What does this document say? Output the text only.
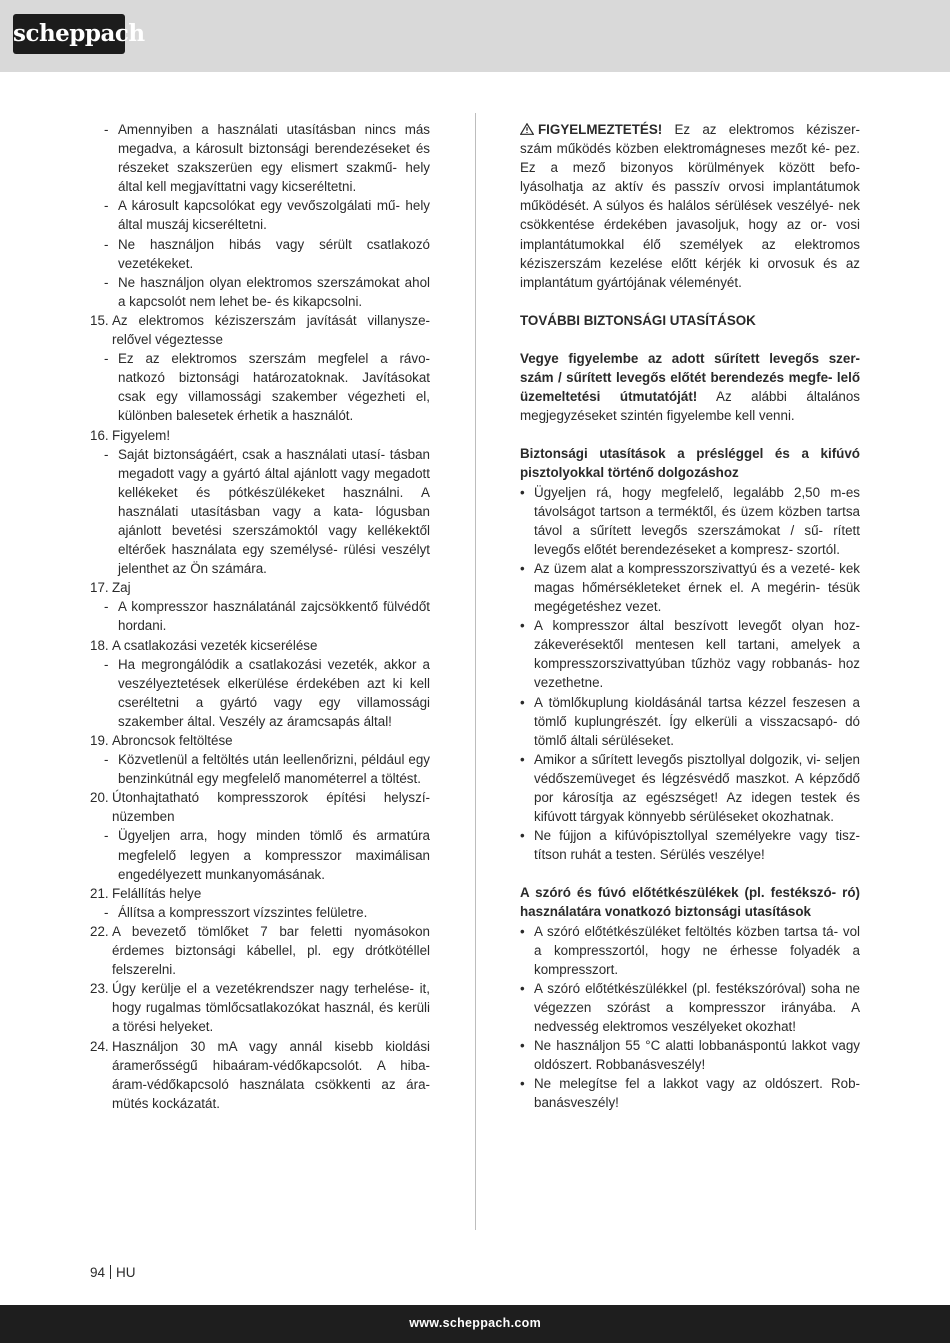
scheppach
- Amennyiben a használati utasításban nincs más megadva, a károsult biztonsági berendezéseket és részeket szakszerüen egy elismert szakmű- hely által kell megjavíttatni vagy kicseréltetni.
- A károsult kapcsolókat egy vevőszolgálati mű- hely által muszáj kicseréltetni.
- Ne használjon hibás vagy sérült csatlakozó vezetékeket.
- Ne használjon olyan elektromos szerszámokat ahol a kapcsolót nem lehet be- és kikapcsolni.
15. Az elektromos kéziszerszám javítását villanysze- relővel végeztesse
- Ez az elektromos szerszám megfelel a rávo- natkozó biztonsági határozatoknak. Javításokat csak egy villamossági szakember végezheti el, különben balesetek érhetik a használót.
16. Figyelem!
- Saját biztonságáért, csak a használati utasí- tásban megadott vagy a gyártó által ajánlott vagy megadott kellékeket és pótkészülékeket használni. A használati utasításban vagy a kata- lógusban ajánlott bevetési szerszámoktól vagy kellékektől eltérőek használata egy személysé- rülési veszélyt jelenthet az Ön számára.
17. Zaj
- A kompresszor használatánál zajcsökkentő fülvédőt hordani.
18. A csatlakozási vezeték kicserélése
- Ha megrongálódik a csatlakozási vezeték, akkor a veszélyeztetések elkerülése érdekében azt ki kell cseréltetni a gyártó vagy egy villamossági szakember által. Veszély az áramcsapás által!
19. Abroncsok feltöltése
- Közvetlenül a feltöltés után leellenőrizni, például egy benzinkútnál egy megfelelő manométerrel a töltést.
20. Útonhajtatható kompresszorok építési helyszí- nüzemben
- Ügyeljen arra, hogy minden tömlő és armatúra megfelelő legyen a kompresszor maximálisan engedélyezett munkanyomásának.
21. Felállítás helye
- Állítsa a kompresszort vízszintes felületre.
22. A bevezető tömlőket 7 bar feletti nyomásokon érdemes biztonsági kábellel, pl. egy drótkötéllel felszerelni.
23. Úgy kerülje el a vezetékrendszer nagy terhelése- it, hogy rugalmas tömlőcsatlakozókat használ, és kerüli a törési helyeket.
24. Használjon 30 mA vagy annál kisebb kioldási áramerősségű hibaáram-védőkapcsolót. A hiba- áram-védőkapcsoló használata csökkenti az ára- mütés kockázatát.
FIGYELMEZTETÉS! Ez az elektromos kéziszer- szám működés közben elektromágneses mezőt ké- pez. Ez a mező bizonyos körülmények között befo- lyásolhatja az aktív és passzív orvosi implantátumok működését. A súlyos és halálos sérülések veszélyé- nek csökkentése érdekében javasoljuk, hogy az or- vosi implantátumokkal élő személyek az elektromos kéziszerszám kezelése előtt kérjék ki orvosuk és az implantátum gyártójának véleményét.
TOVÁBBI BIZTONSÁGI UTASÍTÁSOK
Vegye figyelembe az adott sűrített levegős szer- szám / sűrített levegős előtét berendezés megfe- lelő üzemeltetési útmutatóját! Az alábbi általános megjegyzéseket szintén figyelembe kell venni.
Biztonsági utasítások a présléggel és a kifúvó pisztolyokkal történő dolgozáshoz
• Ügyeljen rá, hogy megfelelő, legalább 2,50 m-es távolságot tartson a terméktől, és üzem közben tartsa távol a sűrített levegős szerszámokat / sű- rített levegős előtét berendezéseket a kompresz- szortól.
• Az üzem alat a kompresszorszivattyú és a vezeté- kek magas hőmérsékleteket érnek el. A megérin- tésük megégetéshez vezet.
• A kompresszor által beszívott levegőt olyan hoz- zákeverésektől mentesen kell tartani, amelyek a kompresszorszivattyúban tűzhöz vagy robbanás- hoz vezethetne.
• A tömlőkuplung kioldásánál tartsa kézzel feszesen a tömlő kuplungrészét. Így elkerüli a visszacsapó- dó tömlő általi sérüléseket.
• Amikor a sűrített levegős pisztollyal dolgozik, vi- seljen védőszemüveget és légzésvédő maszkot. A képződő por károsítja az egészséget! Az idegen testek és kifúvott tárgyak könnyebb sérüléseket okozhatnak.
• Ne fújjon a kifúvópisztollyal személyekre vagy tisz- títson ruhát a testen. Sérülés veszélye!
A szóró és fúvó előtétkészülékek (pl. festékszó- ró) használatára vonatkozó biztonsági utasítások
• A szóró előtétkészüléket feltöltés közben tartsa tá- vol a kompresszortól, hogy ne érhesse folyadék a kompresszort.
• A szóró előtétkészülékkel (pl. festékszóróval) soha ne végezzen szórást a kompresszor irányába. A nedvesség elektromos veszélyeket okozhat!
• Ne használjon 55 °C alatti lobbanáspontú lakkot vagy oldószert. Robbanásveszély!
• Ne melegítse fel a lakkot vagy az oldószert. Rob- banásveszély!
94 HU
www.scheppach.com
